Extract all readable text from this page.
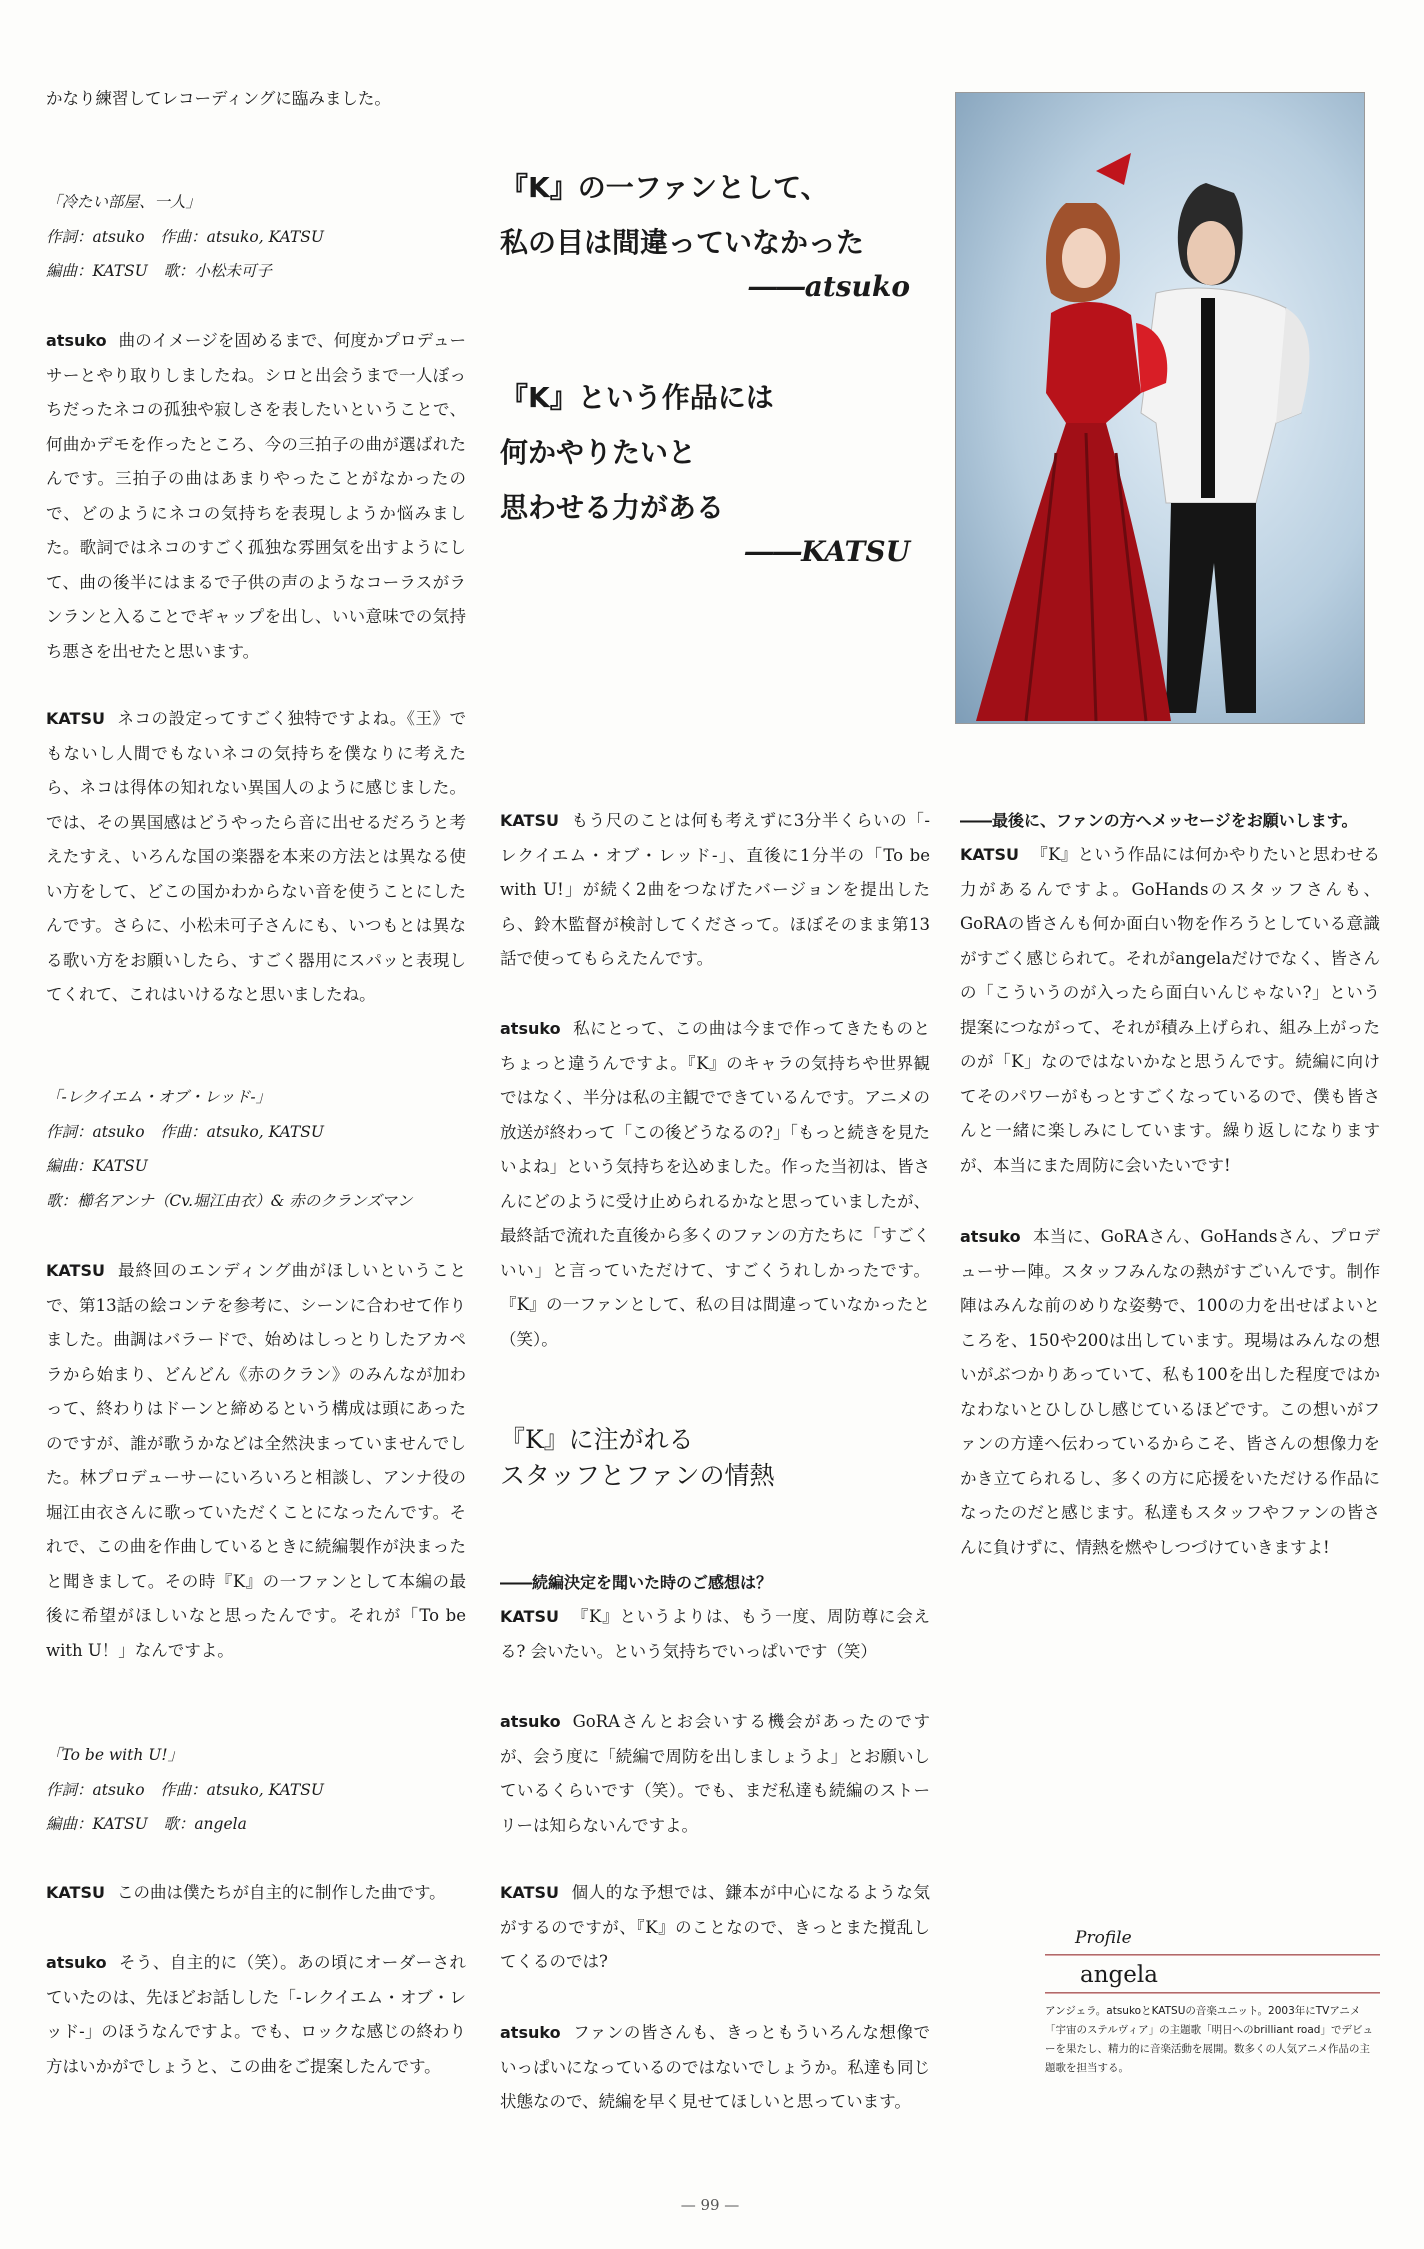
かなり練習してレコーディングに臨みました。

「冷たい部屋、一人」

作詞：atsuko　作曲：atsuko, KATSU

編曲：KATSU　歌：小松未可子

atsuko 曲のイメージを固めるまで、何度かプロデューサーとやり取りしましたね。シロと出会うまで一人ぼっちだったネコの孤独や寂しさを表したいということで、何曲かデモを作ったところ、今の三拍子の曲が選ばれたんです。三拍子の曲はあまりやったことがなかったので、どのようにネコの気持ちを表現しようか悩みました。歌詞ではネコのすごく孤独な雰囲気を出すようにして、曲の後半にはまるで子供の声のようなコーラスがランランと入ることでギャップを出し、いい意味での気持ち悪さを出せたと思います。

KATSU ネコの設定ってすごく独特ですよね。《王》でもないし人間でもないネコの気持ちを僕なりに考えたら、ネコは得体の知れない異国人のように感じました。では、その異国感はどうやったら音に出せるだろうと考えたすえ、いろんな国の楽器を本来の方法とは異なる使い方をして、どこの国かわからない音を使うことにしたんです。さらに、小松未可子さんにも、いつもとは異なる歌い方をお願いしたら、すごく器用にスパッと表現してくれて、これはいけるなと思いましたね。

「-レクイエム・オブ・レッド-」

作詞：atsuko　作曲：atsuko, KATSU

編曲：KATSU

歌：櫛名アンナ（Cv.堀江由衣）& 赤のクランズマン

KATSU 最終回のエンディング曲がほしいということで、第13話の絵コンテを参考に、シーンに合わせて作りました。曲調はバラードで、始めはしっとりしたアカペラから始まり、どんどん《赤のクラン》のみんなが加わって、終わりはドーンと締めるという構成は頭にあったのですが、誰が歌うかなどは全然決まっていませんでした。林プロデューサーにいろいろと相談し、アンナ役の堀江由衣さんに歌っていただくことになったんです。それで、この曲を作曲しているときに続編製作が決まったと聞きまして。その時『K』の一ファンとして本編の最後に希望がほしいなと思ったんです。それが「To be with U！」なんですよ。

「To be with U!」

作詞：atsuko　作曲：atsuko, KATSU

編曲：KATSU　歌：angela

KATSU この曲は僕たちが自主的に制作した曲です。

atsuko そう、自主的に（笑）。あの頃にオーダーされていたのは、先ほどお話しした「-レクイエム・オブ・レッド-」のほうなんですよ。でも、ロックな感じの終わり方はいかがでしょうと、この曲をご提案したんです。

『K』の一ファンとして、

私の目は間違っていなかった

――atsuko

『K』という作品には

何かやりたいと

思わせる力がある

――KATSU

KATSU もう尺のことは何も考えずに3分半くらいの「-レクイエム・オブ・レッド-」、直後に1分半の「To be with U!」が続く2曲をつなげたバージョンを提出したら、鈴木監督が検討してくださって。ほぼそのまま第13話で使ってもらえたんです。

atsuko 私にとって、この曲は今まで作ってきたものとちょっと違うんですよ。『K』のキャラの気持ちや世界観ではなく、半分は私の主観でできているんです。アニメの放送が終わって「この後どうなるの?」「もっと続きを見たいよね」という気持ちを込めました。作った当初は、皆さんにどのように受け止められるかなと思っていましたが、最終話で流れた直後から多くのファンの方たちに「すごくいい」と言っていただけて、すごくうれしかったです。『K』の一ファンとして、私の目は間違っていなかったと（笑）。

『K』に注がれる

スタッフとファンの情熱

――続編決定を聞いた時のご感想は？

KATSU 『K』というよりは、もう一度、周防尊に会える? 会いたい。という気持ちでいっぱいです（笑）

atsuko GoRAさんとお会いする機会があったのですが、会う度に「続編で周防を出しましょうよ」とお願いしているくらいです（笑）。でも、まだ私達も続編のストーリーは知らないんですよ。

KATSU 個人的な予想では、鎌本が中心になるような気がするのですが、『K』のことなので、きっとまた撹乱してくるのでは?

atsuko ファンの皆さんも、きっともういろんな想像でいっぱいになっているのではないでしょうか。私達も同じ状態なので、続編を早く見せてほしいと思っています。

――最後に、ファンの方へメッセージをお願いします。

KATSU 『K』という作品には何かやりたいと思わせる力があるんですよ。GoHandsのスタッフさんも、GoRAの皆さんも何か面白い物を作ろうとしている意識がすごく感じられて。それがangelaだけでなく、皆さんの「こういうのが入ったら面白いんじゃない?」という提案につながって、それが積み上げられ、組み上がったのが「K」なのではないかなと思うんです。続編に向けてそのパワーがもっとすごくなっているので、僕も皆さんと一緒に楽しみにしています。繰り返しになりますが、本当にまた周防に会いたいです!

atsuko 本当に、GoRAさん、GoHandsさん、プロデューサー陣。スタッフみんなの熱がすごいんです。制作陣はみんな前のめりな姿勢で、100の力を出せばよいところを、150や200は出しています。現場はみんなの想いがぶつかりあっていて、私も100を出した程度ではかなわないとひしひし感じているほどです。この想いがファンの方達へ伝わっているからこそ、皆さんの想像力をかき立てられるし、多くの方に応援をいただける作品になったのだと感じます。私達もスタッフやファンの皆さんに負けずに、情熱を燃やしつづけていきますよ!

Profile

angela

アンジェラ。atsukoとKATSUの音楽ユニット。2003年にTVアニメ「宇宙のステルヴィア」の主題歌「明日へのbrilliant road」でデビューを果たし、精力的に音楽活動を展開。数多くの人気アニメ作品の主題歌を担当する。

— 99 —
